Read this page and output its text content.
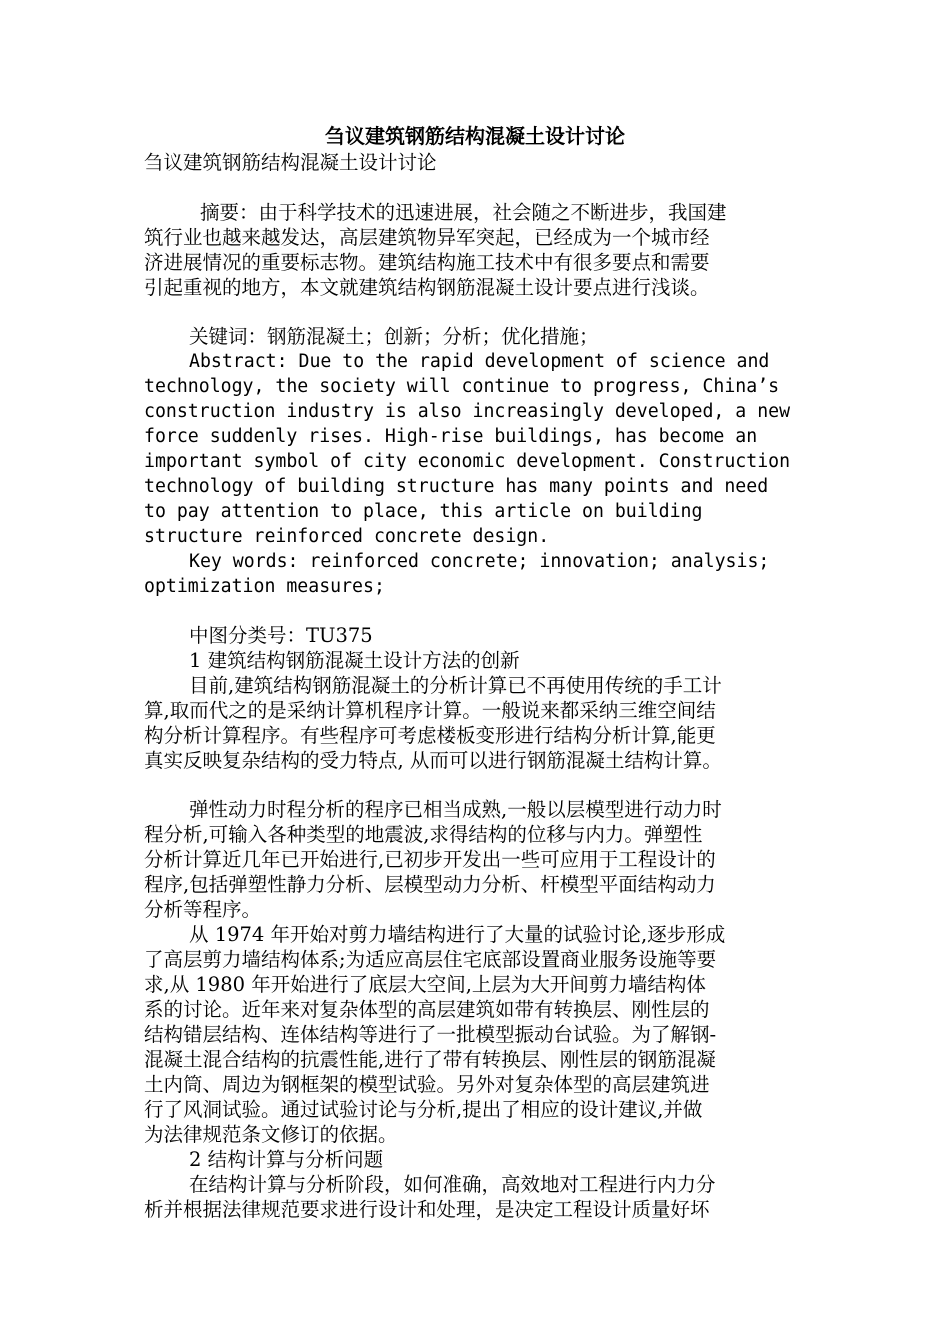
刍议建筑钢筋结构混凝土设计讨论
刍议建筑钢筋结构混凝土设计讨论
摘要：由于科学技术的迅速进展，社会随之不断进步，我国建
筑行业也越来越发达，高层建筑物异军突起，已经成为一个城市经
济进展情况的重要标志物。建筑结构施工技术中有很多要点和需要
引起重视的地方，本文就建筑结构钢筋混凝土设计要点进行浅谈。
关键词：钢筋混凝土；创新；分析；优化措施；
Abstract: Due to the rapid development of science and
technology, the society will continue to progress, China’s
construction industry is also increasingly developed, a new
force suddenly rises. High-rise buildings, has become an
important symbol of city economic development. Construction
technology of building structure has many points and need
to pay attention to place, this article on building
structure reinforced concrete design.
Key words: reinforced concrete; innovation; analysis;
optimization measures;
中图分类号：TU375
1 建筑结构钢筋混凝土设计方法的创新
目前,建筑结构钢筋混凝土的分析计算已不再使用传统的手工计
算,取而代之的是采纳计算机程序计算。一般说来都采纳三维空间结
构分析计算程序。有些程序可考虑楼板变形进行结构分析计算,能更
真实反映复杂结构的受力特点, 从而可以进行钢筋混凝土结构计算。
弹性动力时程分析的程序已相当成熟,一般以层模型进行动力时
程分析,可输入各种类型的地震波,求得结构的位移与内力。弹塑性
分析计算近几年已开始进行,已初步开发出一些可应用于工程设计的
程序,包括弹塑性静力分析、层模型动力分析、杆模型平面结构动力
分析等程序。
从 1974 年开始对剪力墙结构进行了大量的试验讨论,逐步形成
了高层剪力墙结构体系;为适应高层住宅底部设置商业服务设施等要
求,从 1980 年开始进行了底层大空间,上层为大开间剪力墙结构体
系的讨论。近年来对复杂体型的高层建筑如带有转换层、刚性层的
结构错层结构、连体结构等进行了一批模型振动台试验。为了解钢-
混凝土混合结构的抗震性能,进行了带有转换层、刚性层的钢筋混凝
土内筒、周边为钢框架的模型试验。另外对复杂体型的高层建筑进
行了风洞试验。通过试验讨论与分析,提出了相应的设计建议,并做
为法律规范条文修订的依据。
2 结构计算与分析问题
在结构计算与分析阶段，如何准确，高效地对工程进行内力分
析并根据法律规范要求进行设计和处理，是决定工程设计质量好坏
